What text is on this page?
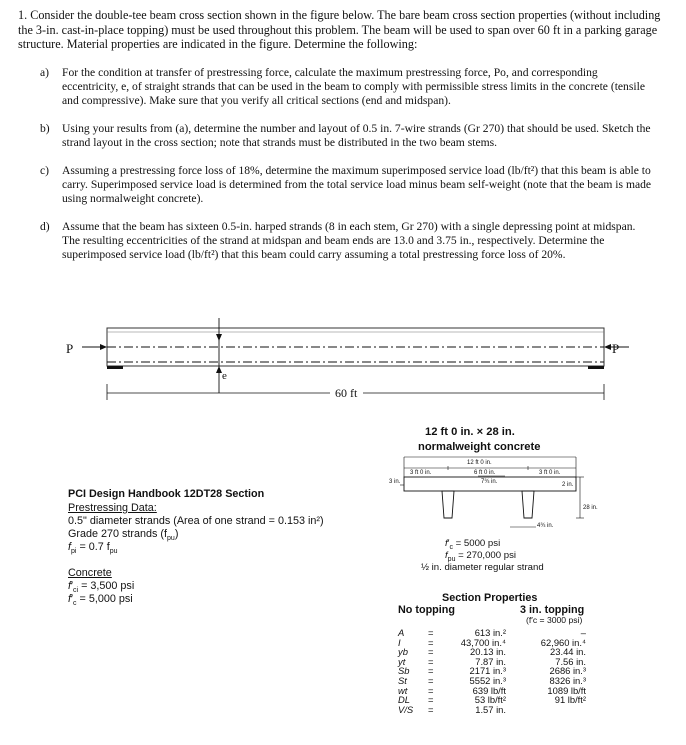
1. Consider the double-tee beam cross section shown in the figure below. The bare beam cross section properties (without including the 3-in. cast-in-place topping) must be used throughout this problem. The beam will be used to span over 60 ft in a parking garage structure. Material properties are indicated in the figure. Determine the following:

a) For the condition at transfer of prestressing force, calculate the maximum prestressing force, Po, and corresponding eccentricity, e, of straight strands that can be used in the beam to comply with permissible stress limits in the concrete (tensile and compressive). Make sure that you verify all critical sections (end and midspan).
b) Using your results from (a), determine the number and layout of 0.5 in. 7-wire strands (Gr 270) that should be used. Sketch the strand layout in the cross section; note that strands must be distributed in the two beam stems.
c) Assuming a prestressing force loss of 18%, determine the maximum superimposed service load (lb/ft²) that this beam is able to carry. Superimposed service load is determined from the total service load minus beam self-weight (note that the beam is made using normalweight concrete).
d) Assume that the beam has sixteen 0.5-in. harped strands (8 in each stem, Gr 270) with a single depressing point at midspan. The resulting eccentricities of the strand at midspan and beam ends are 13.0 and 3.75 in., respectively. Determine the superimposed service load (lb/ft²) that this beam could carry assuming a total prestressing force loss of 20%.
P	P
e
60 ft
12 ft 0 in. × 28 in.
normalweight concrete
12 ft 0 in.
3 ft 0 in.	6 ft 0 in.	3 ft 0 in.
7¾ in.
3 in.	2 in.
28 in.
4¾ in.
$f'_c = 5000$ psi
$f_{pu} = 270,000$ psi
½ in. diameter regular strand
PCI Design Handbook 12DT28 Section
Prestressing Data:
0.5" diameter strands (Area of one strand = 0.153 in²)
Grade 270 strands $(f_{pu})$
$f_{pi} = 0.7$ $f_{pu}$
Concrete
$f'_{ci} = 3,500$ psi
$f'_c = 5,000$ psi	Section Properties
No topping	3 in. topping
(f′c = 3000 psi)
A	=	613 in.²	–
I	=	43,700 in.⁴	62,960 in.⁴
yb =	20.13 in.	23.44 in.
yt =	7.87 in.	7.56 in.
Sb =	2171 in.³	2686 in.³
St =	5552 in.³	8326 in.³
wt =	639 lb/ft	1089 lb/ft
DL =	53 lb/ft²	91 lb/ft²
V/S =	1.57 in.
